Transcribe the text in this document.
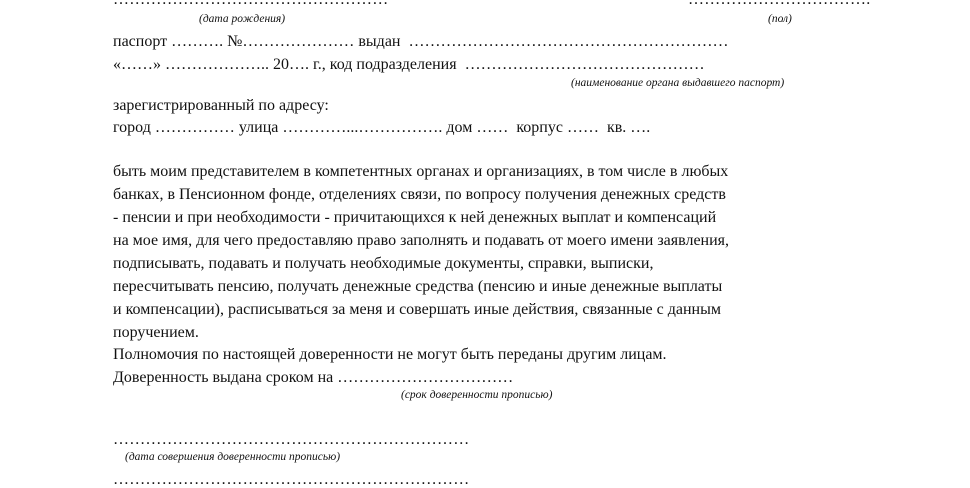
(дата рождения)	(пол)
паспорт ………. №………………… выдан  ……………………………………………………
«……» ……………….. 20…. г., код подразделения  ………………………………………
(наименование органа выдавшего паспорт)
зарегистрированный по адресу:
город …………… улица …………...……………. дом ……  корпус ……  кв. ….
быть моим представителем в компетентных органах и организациях, в том числе в любых
банках, в Пенсионном фонде, отделениях связи, по вопросу получения денежных средств
- пенсии и при необходимости - причитающихся к ней денежных выплат и компенсаций
на мое имя, для чего предоставляю право заполнять и подавать от моего имени заявления,
подписывать, подавать и получать необходимые документы, справки, выписки,
пересчитывать пенсию, получать денежные средства (пенсию и иные денежные выплаты
и компенсации), расписываться за меня и совершать иные действия, связанные с данным
поручением.
Полномочия по настоящей доверенности не могут быть переданы другим лицам.
Доверенность выдана сроком на ……………………………
(срок доверенности прописью)
…………………………………………………………
(дата совершения доверенности прописью)
…………………………………………………………
